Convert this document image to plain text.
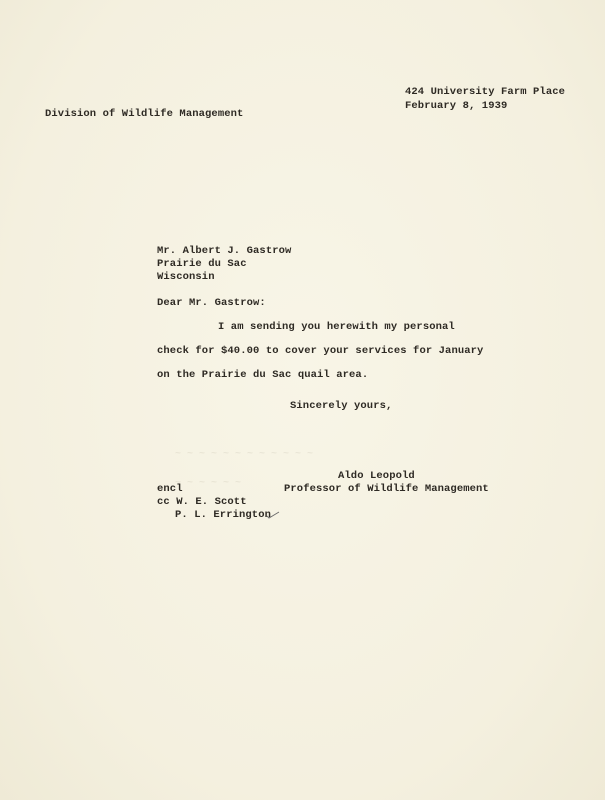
~ ~ ~ ~ ~ ~ ~ ~ ~ ~ ~ ~
~ ~ ~ ~ ~ ~
424 University Farm Place
February 8, 1939
Division of Wildlife Management
Mr. Albert J. Gastrow
Prairie du Sac
Wisconsin
Dear Mr. Gastrow:
I am sending you herewith my personal
check for $40.00 to cover your services for January
on the Prairie du Sac quail area.
Sincerely yours,
Aldo Leopold
Professor of Wildlife Management
encl
cc W. E. Scott
P. L. Errington
